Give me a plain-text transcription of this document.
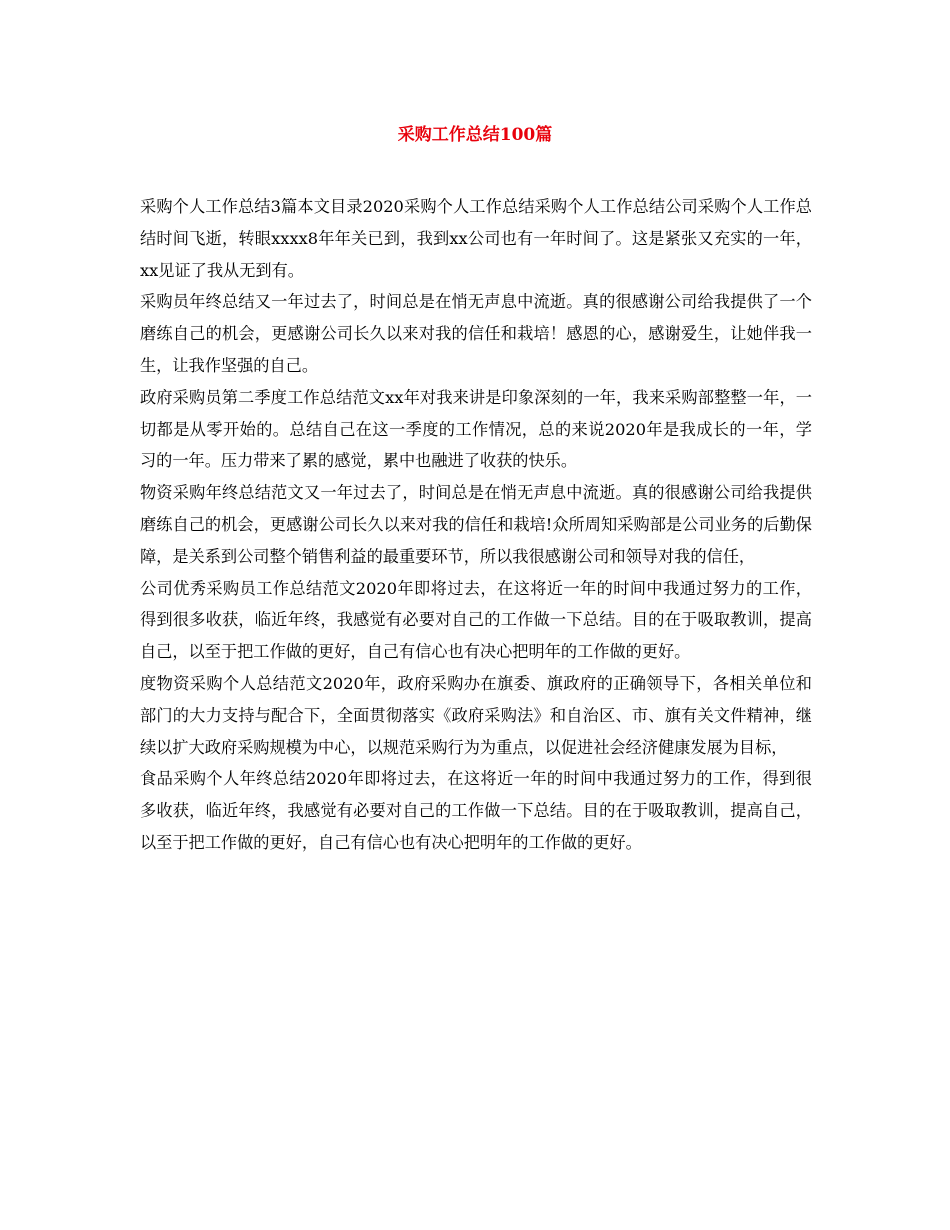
采购工作总结100篇

采购个人工作总结3篇本文目录2020采购个人工作总结采购个人工作总结公司采购个人工作总结时间飞逝，转眼xxxx8年年关已到，我到xx公司也有一年时间了。这是紧张又充实的一年，xx见证了我从无到有。

采购员年终总结又一年过去了，时间总是在悄无声息中流逝。真的很感谢公司给我提供了一个磨练自己的机会，更感谢公司长久以来对我的信任和栽培！感恩的心，感谢爱生，让她伴我一生，让我作坚强的自己。

政府采购员第二季度工作总结范文xx年对我来讲是印象深刻的一年，我来采购部整整一年，一切都是从零开始的。总结自己在这一季度的工作情况，总的来说2020年是我成长的一年，学习的一年。压力带来了累的感觉，累中也融进了收获的快乐。

物资采购年终总结范文又一年过去了，时间总是在悄无声息中流逝。真的很感谢公司给我提供磨练自己的机会，更感谢公司长久以来对我的信任和栽培!众所周知采购部是公司业务的后勤保障，是关系到公司整个销售利益的最重要环节，所以我很感谢公司和领导对我的信任，

公司优秀采购员工作总结范文2020年即将过去，在这将近一年的时间中我通过努力的工作，得到很多收获，临近年终，我感觉有必要对自己的工作做一下总结。目的在于吸取教训，提高自己，以至于把工作做的更好，自己有信心也有决心把明年的工作做的更好。

度物资采购个人总结范文2020年，政府采购办在旗委、旗政府的正确领导下，各相关单位和部门的大力支持与配合下，全面贯彻落实《政府采购法》和自治区、市、旗有关文件精神，继续以扩大政府采购规模为中心，以规范采购行为为重点，以促进社会经济健康发展为目标，

食品采购个人年终总结2020年即将过去，在这将近一年的时间中我通过努力的工作，得到很多收获，临近年终，我感觉有必要对自己的工作做一下总结。目的在于吸取教训，提高自己，以至于把工作做的更好，自己有信心也有决心把明年的工作做的更好。
